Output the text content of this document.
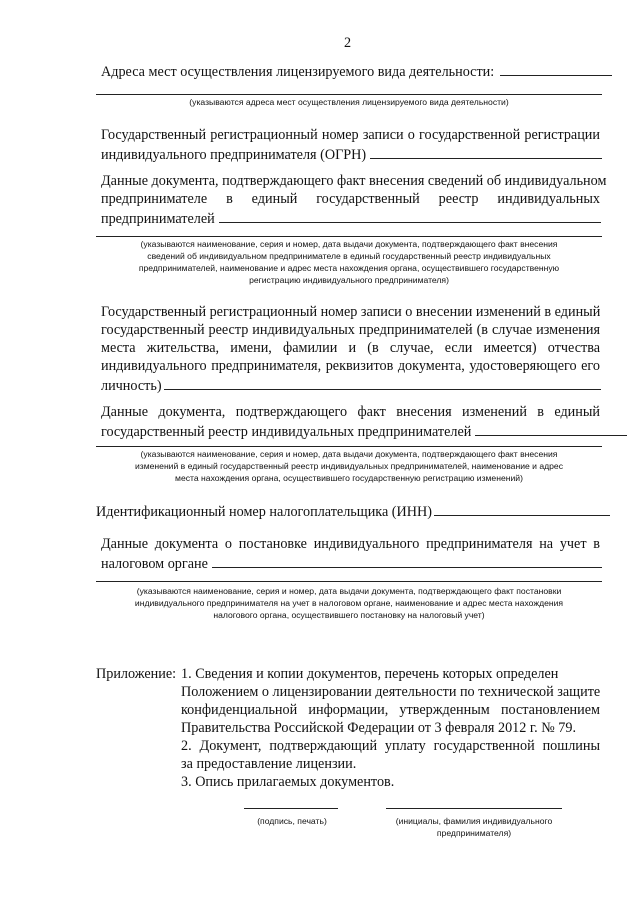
2
Адреса мест осуществления лицензируемого вида деятельности:
(указываются адреса мест осуществления лицензируемого вида деятельности)
Государственный регистрационный номер записи о государственной регистрации
индивидуального предпринимателя (ОГРН)
Данные документа, подтверждающего факт внесения сведений об индивидуальном
предпринимателе в единый государственный реестр индивидуальных
предпринимателей
(указываются наименование, серия и номер, дата выдачи документа, подтверждающего факт внесения
сведений об индивидуальном предпринимателе в единый государственный реестр индивидуальных
предпринимателей, наименование и адрес места нахождения органа, осуществившего государственную
регистрацию индивидуального предпринимателя)
Государственный регистрационный номер записи о внесении изменений в единый
государственный реестр индивидуальных предпринимателей (в случае изменения
места жительства, имени, фамилии и (в случае, если имеется) отчества
индивидуального предпринимателя, реквизитов документа, удостоверяющего его
личность)
Данные документа, подтверждающего факт внесения изменений в единый
государственный реестр индивидуальных предпринимателей
(указываются наименование, серия и номер, дата выдачи документа, подтверждающего факт внесения
изменений в единый государственный реестр индивидуальных предпринимателей, наименование и адрес
места нахождения органа, осуществившего государственную регистрацию изменений)
Идентификационный номер налогоплательщика (ИНН)
Данные документа о постановке индивидуального предпринимателя на учет в
налоговом органе
(указываются наименование, серия и номер, дата выдачи документа, подтверждающего факт постановки
индивидуального предпринимателя на учет в налоговом органе, наименование и адрес места нахождения
налогового органа, осуществившего постановку на налоговый учет)
Приложение: 1. Сведения и копии документов, перечень которых определен
Положением о лицензировании деятельности по технической защите
конфиденциальной информации, утвержденным постановлением
Правительства Российской Федерации от 3 февраля 2012 г. № 79.
2. Документ, подтверждающий уплату государственной пошлины
за предоставление лицензии.
3. Опись прилагаемых документов.
(подпись, печать)	(инициалы, фамилия индивидуального
предпринимателя)
